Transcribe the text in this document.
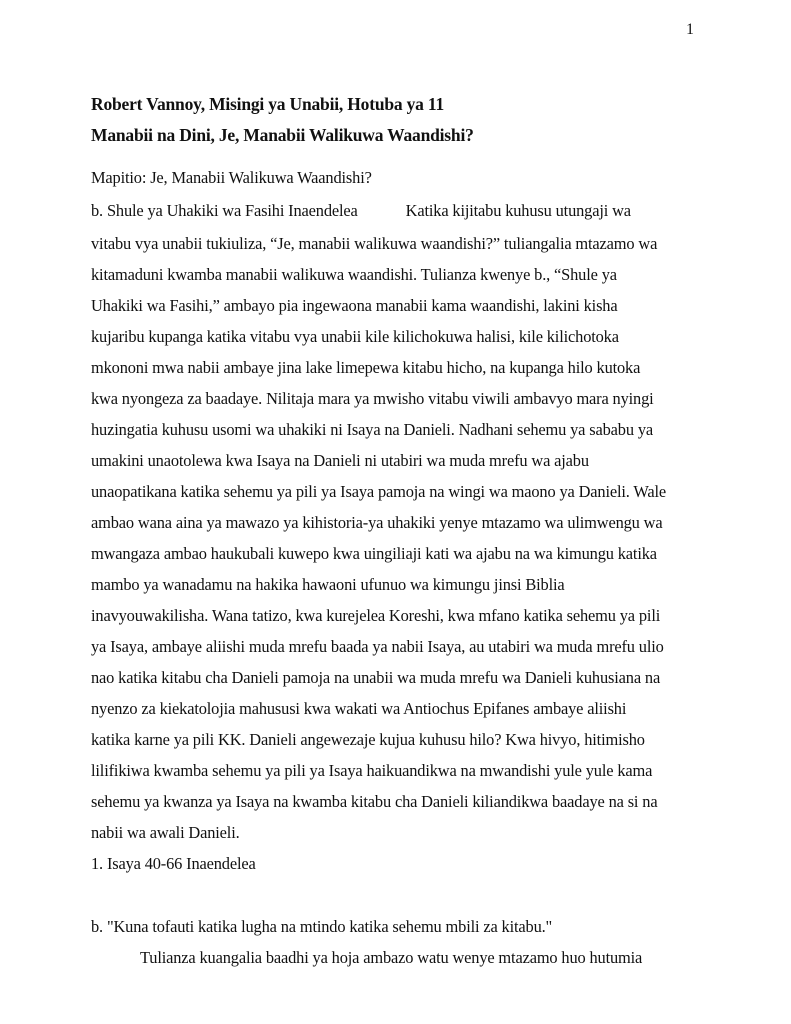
1
Robert Vannoy, Misingi ya Unabii, Hotuba ya 11
Manabii na Dini, Je, Manabii Walikuwa Waandishi?
Mapitio: Je, Manabii Walikuwa Waandishi?
b. Shule ya Uhakiki wa Fasihi Inaendelea	Katika kijitabu kuhusu utungaji wa
vitabu vya unabii tukiuliza, “Je, manabii walikuwa waandishi?” tuliangalia mtazamo wa
kitamaduni kwamba manabii walikuwa waandishi. Tulianza kwenye b., “Shule ya
Uhakiki wa Fasihi,” ambayo pia ingewaona manabii kama waandishi, lakini kisha
kujaribu kupanga katika vitabu vya unabii kile kilichokuwa halisi, kile kilichotoka
mkononi mwa nabii ambaye jina lake limepewa kitabu hicho, na kupanga hilo kutoka
kwa nyongeza za baadaye. Nilitaja mara ya mwisho vitabu viwili ambavyo mara nyingi
huzingatia kuhusu usomi wa uhakiki ni Isaya na Danieli. Nadhani sehemu ya sababu ya
umakini unaotolewa kwa Isaya na Danieli ni utabiri wa muda mrefu wa ajabu
unaopatikana katika sehemu ya pili ya Isaya pamoja na wingi wa maono ya Danieli. Wale
ambao wana aina ya mawazo ya kihistoria-ya uhakiki yenye mtazamo wa ulimwengu wa
mwangaza ambao haukubali kuwepo kwa uingiliaji kati wa ajabu na wa kimungu katika
mambo ya wanadamu na hakika hawaoni ufunuo wa kimungu jinsi Biblia
inavyouwakilisha. Wana tatizo, kwa kurejelea Koreshi, kwa mfano katika sehemu ya pili
ya Isaya, ambaye aliishi muda mrefu baada ya nabii Isaya, au utabiri wa muda mrefu ulio
nao katika kitabu cha Danieli pamoja na unabii wa muda mrefu wa Danieli kuhusiana na
nyenzo za kiekatolojia mahususi kwa wakati wa Antiochus Epifanes ambaye aliishi
katika karne ya pili KK. Danieli angewezaje kujua kuhusu hilo? Kwa hivyo, hitimisho
lilifikiwa kwamba sehemu ya pili ya Isaya haikuandikwa na mwandishi yule yule kama
sehemu ya kwanza ya Isaya na kwamba kitabu cha Danieli kiliandikwa baadaye na si na
nabii wa awali Danieli.
1. Isaya 40-66 Inaendelea
b. "Kuna tofauti katika lugha na mtindo katika sehemu mbili za kitabu."
Tulianza kuangalia baadhi ya hoja ambazo watu wenye mtazamo huo hutumia
